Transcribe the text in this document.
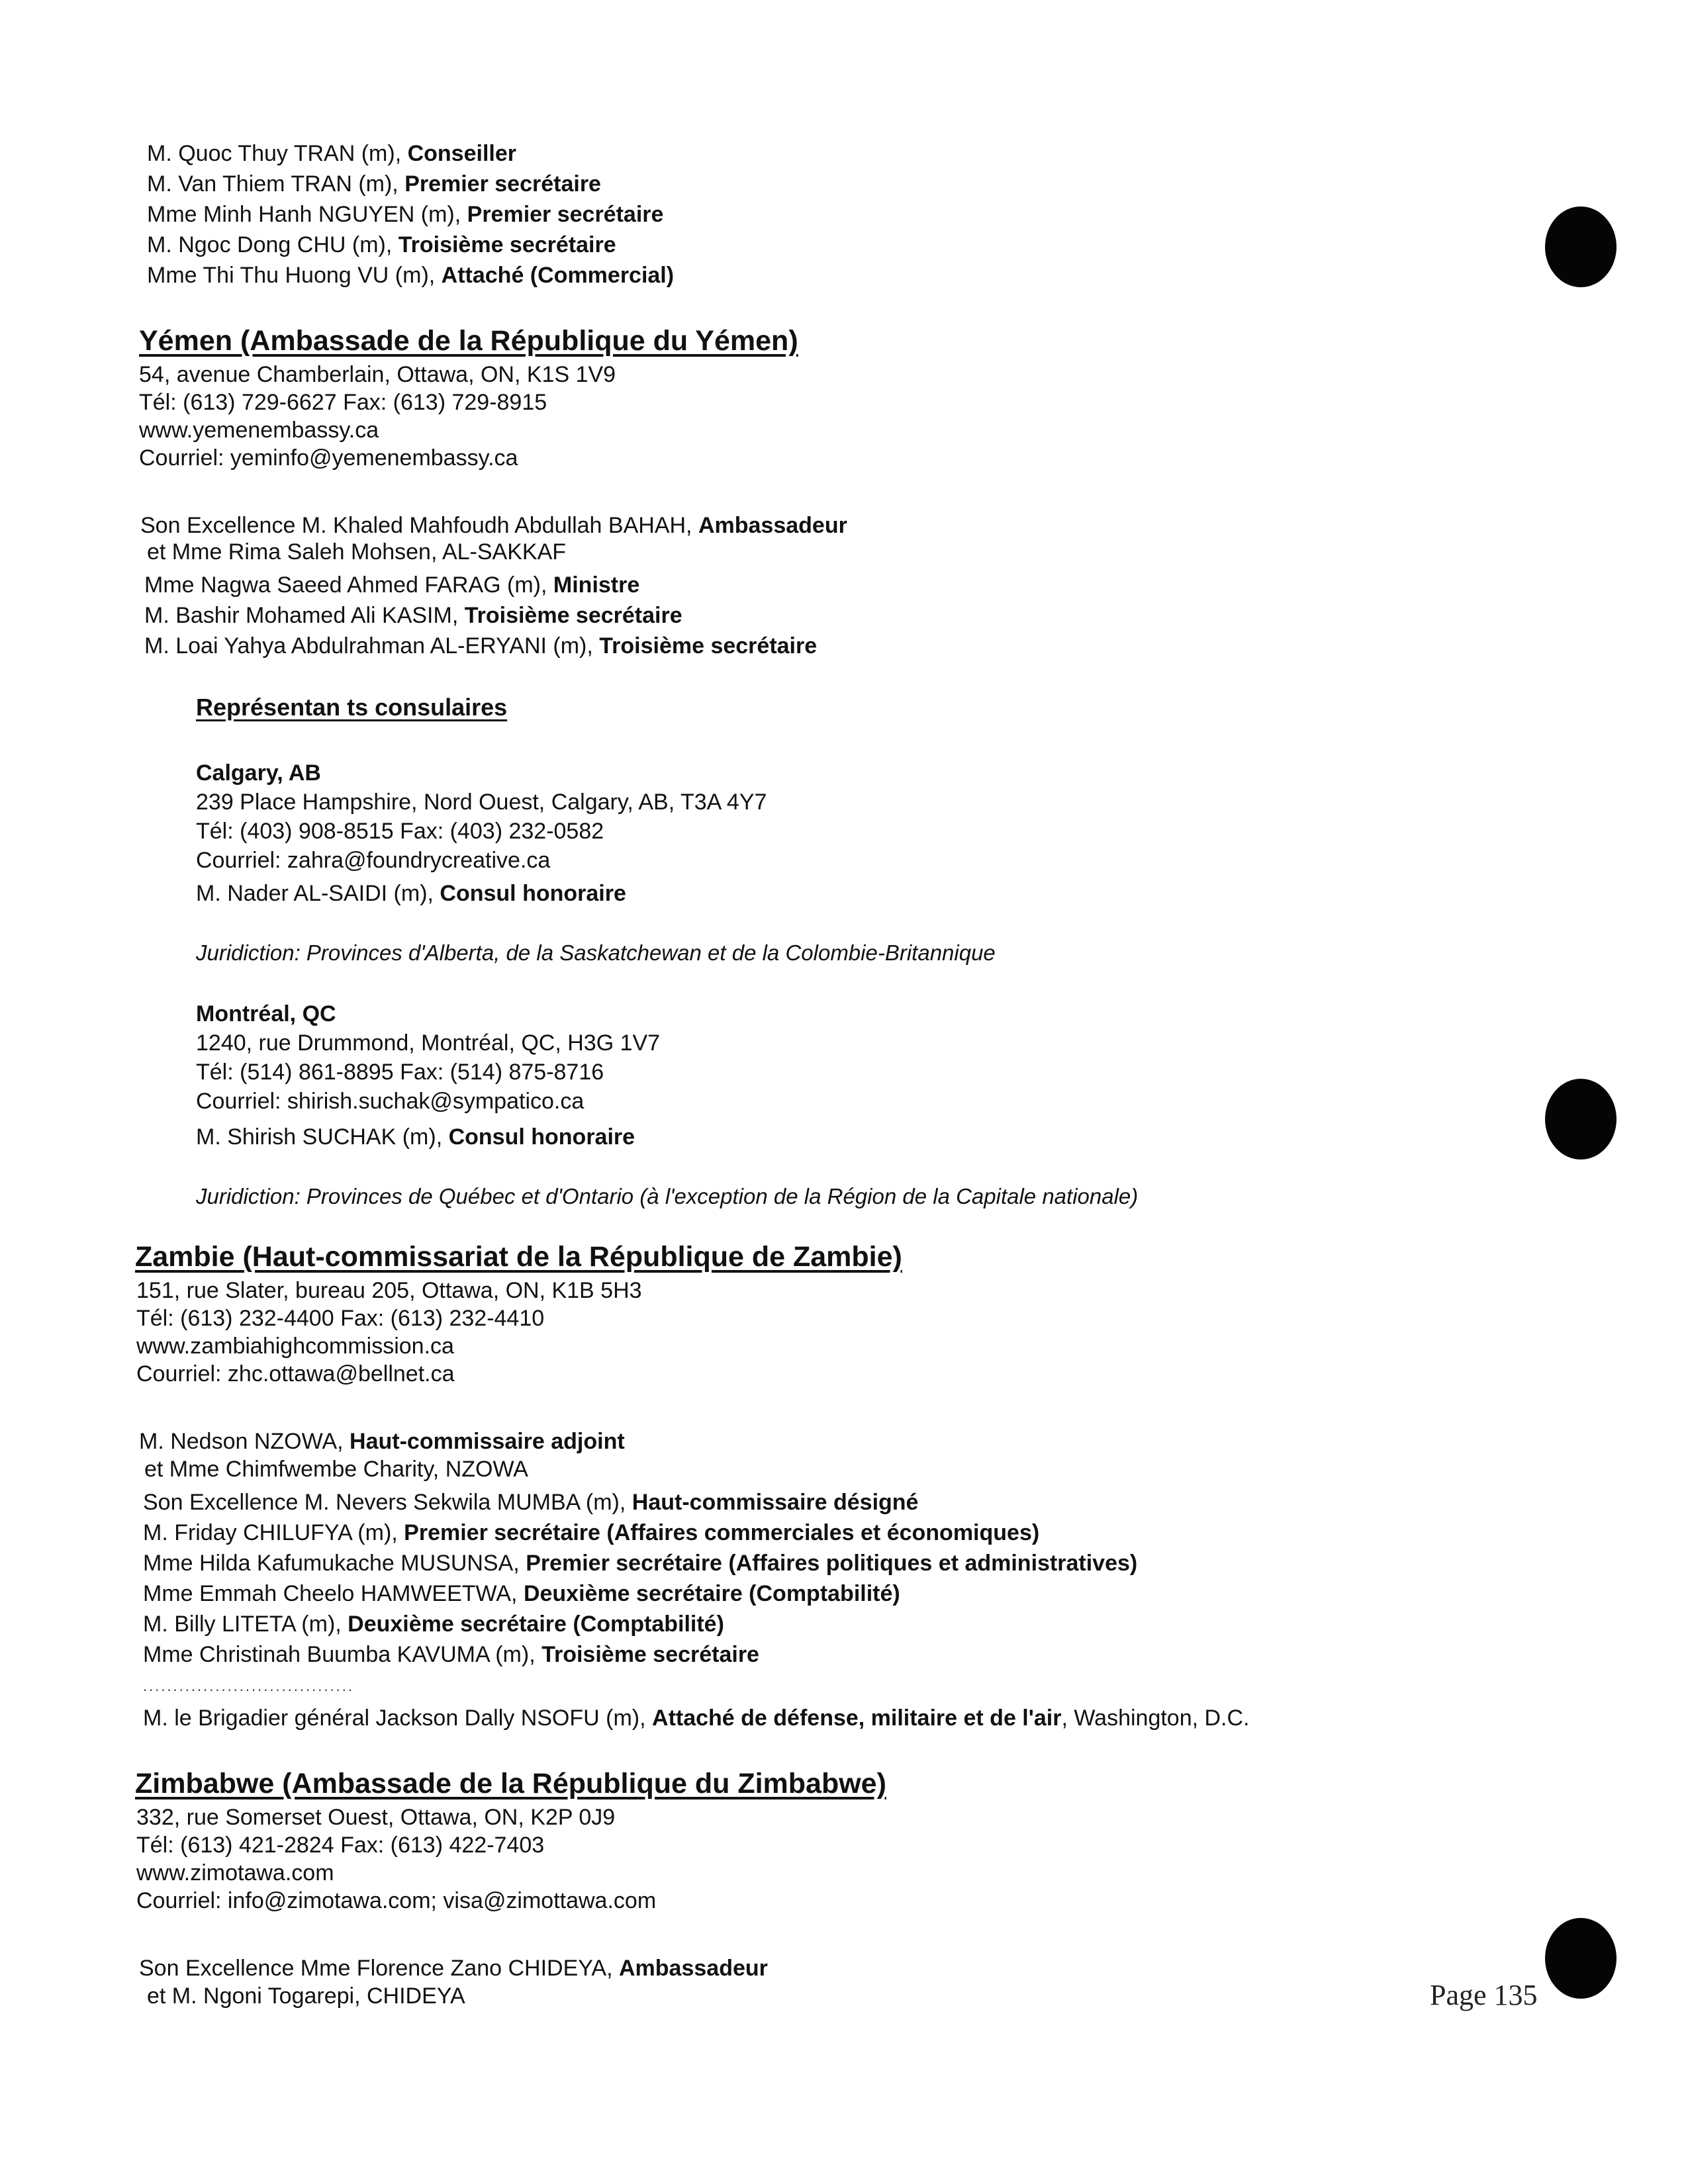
M. Quoc Thuy TRAN (m), Conseiller
M. Van Thiem TRAN (m), Premier secrétaire
Mme Minh Hanh NGUYEN (m), Premier secrétaire
M. Ngoc Dong CHU (m), Troisième secrétaire
Mme Thi Thu Huong VU (m), Attaché (Commercial)
Yémen (Ambassade de la République du Yémen)
54, avenue Chamberlain, Ottawa, ON, K1S 1V9
Tél: (613) 729-6627 Fax: (613) 729-8915
www.yemenembassy.ca
Courriel: yeminfo@yemenembassy.ca
Son Excellence M. Khaled Mahfoudh Abdullah BAHAH, Ambassadeur
et Mme Rima Saleh Mohsen, AL-SAKKAF
Mme Nagwa Saeed Ahmed FARAG (m), Ministre
M. Bashir Mohamed Ali KASIM, Troisième secrétaire
M. Loai Yahya Abdulrahman AL-ERYANI (m), Troisième secrétaire
Représentan ts consulaires
Calgary, AB
239 Place Hampshire, Nord Ouest, Calgary, AB, T3A 4Y7
Tél: (403) 908-8515 Fax: (403) 232-0582
Courriel: zahra@foundrycreative.ca
M. Nader AL-SAIDI (m), Consul honoraire
Juridiction: Provinces d'Alberta, de la Saskatchewan et de la Colombie-Britannique
Montréal, QC
1240, rue Drummond, Montréal, QC, H3G 1V7
Tél: (514) 861-8895 Fax: (514) 875-8716
Courriel: shirish.suchak@sympatico.ca
M. Shirish SUCHAK (m), Consul honoraire
Juridiction: Provinces de Québec et d'Ontario (à l'exception de la Région de la Capitale nationale)
Zambie (Haut-commissariat de la République de Zambie)
151, rue Slater, bureau 205, Ottawa, ON, K1B 5H3
Tél: (613) 232-4400 Fax: (613) 232-4410
www.zambiahighcommission.ca
Courriel: zhc.ottawa@bellnet.ca
M. Nedson NZOWA, Haut-commissaire adjoint
et Mme Chimfwembe Charity, NZOWA
Son Excellence M. Nevers Sekwila MUMBA (m), Haut-commissaire désigné
M. Friday CHILUFYA (m), Premier secrétaire (Affaires commerciales et économiques)
Mme Hilda Kafumukache MUSUNSA, Premier secrétaire (Affaires politiques et administratives)
Mme Emmah Cheelo HAMWEETWA, Deuxième secrétaire (Comptabilité)
M. Billy LITETA (m), Deuxième secrétaire (Comptabilité)
Mme Christinah Buumba KAVUMA (m), Troisième secrétaire
...................................
M. le Brigadier général Jackson Dally NSOFU (m), Attaché de défense, militaire et de l'air, Washington, D.C.
Zimbabwe (Ambassade de la République du Zimbabwe)
332, rue Somerset Ouest, Ottawa, ON, K2P 0J9
Tél: (613) 421-2824 Fax: (613) 422-7403
www.zimotawa.com
Courriel: info@zimotawa.com; visa@zimottawa.com
Son Excellence Mme Florence Zano CHIDEYA, Ambassadeur
et M. Ngoni Togarepi, CHIDEYA	Page 135
